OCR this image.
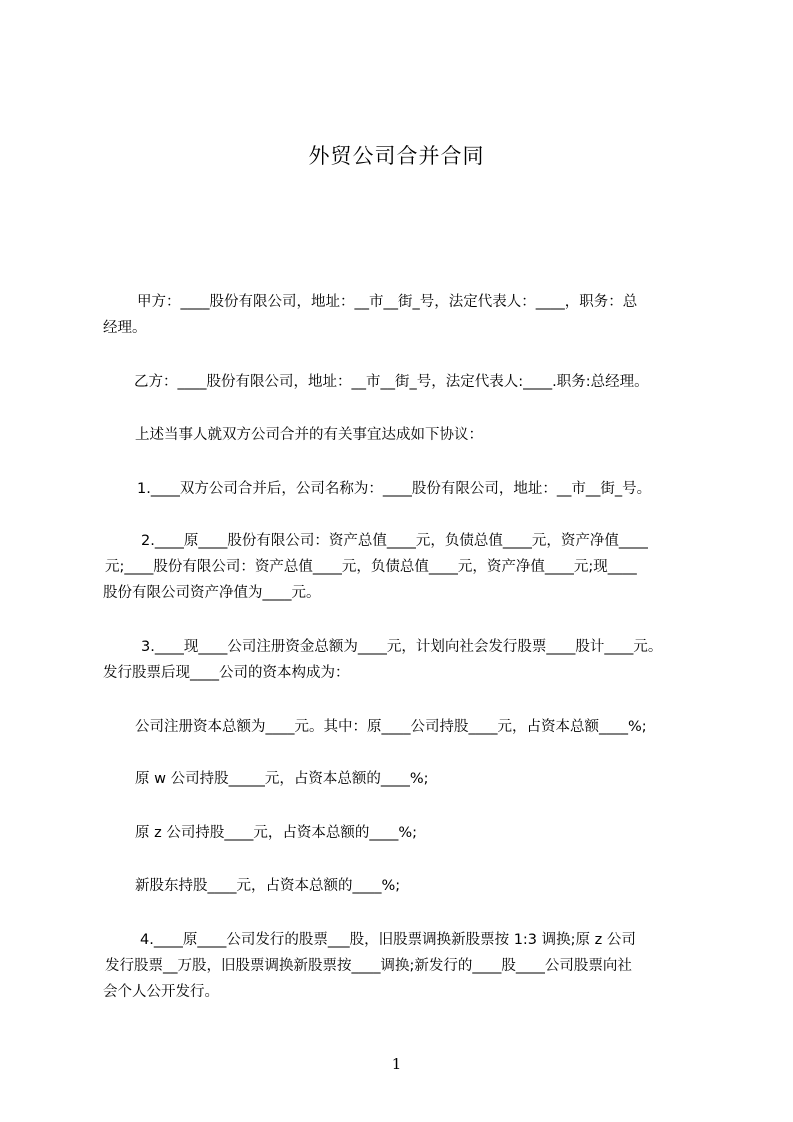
外贸公司合并合同
甲方：____股份有限公司，地址：__市__街_号，法定代表人：____，职务：总
经理。
乙方：____股份有限公司，地址：__市__街_号，法定代表人:____.职务:总经理。
上述当事人就双方公司合并的有关事宜达成如下协议：
1.____双方公司合并后，公司名称为：____股份有限公司，地址：__市__街_号。
2.____原____股份有限公司：资产总值____元，负债总值____元，资产净值____
元;____股份有限公司：资产总值____元，负债总值____元，资产净值____元;现____
股份有限公司资产净值为____元。
3.____现____公司注册资金总额为____元，计划向社会发行股票____股计____元。
发行股票后现____公司的资本构成为：
公司注册资本总额为____元。其中：原____公司持股____元，占资本总额____%;
原 w 公司持股_____元，占资本总额的____%;
原 z 公司持股____元，占资本总额的____%;
新股东持股____元，占资本总额的____%;
4.____原____公司发行的股票___股，旧股票调换新股票按 1:3 调换;原 z 公司
发行股票__万股，旧股票调换新股票按____调换;新发行的____股____公司股票向社
会个人公开发行。
1
